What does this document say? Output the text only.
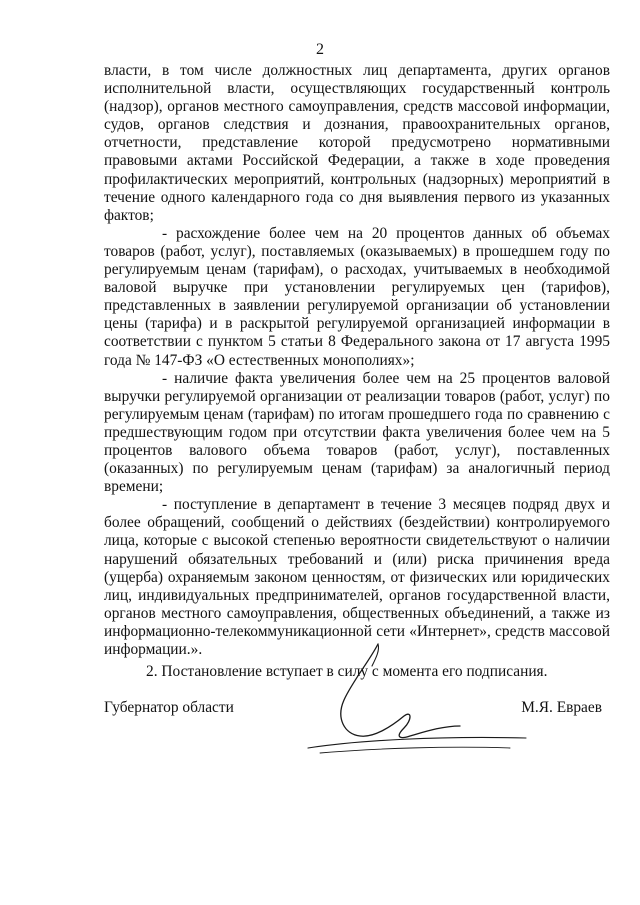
2

власти, в том числе должностных лиц департамента, других органов исполнительной власти, осуществляющих государственный контроль (надзор), органов местного самоуправления, средств массовой информации, судов, органов следствия и дознания, правоохранительных органов, отчетности, представление которой предусмотрено нормативными правовыми актами Российской Федерации, а также в ходе проведения профилактических мероприятий, контрольных (надзорных) мероприятий в течение одного календарного года со дня выявления первого из указанных фактов;

- расхождение более чем на 20 процентов данных об объемах товаров (работ, услуг), поставляемых (оказываемых) в прошедшем году по регулируемым ценам (тарифам), о расходах, учитываемых в необходимой валовой выручке при установлении регулируемых цен (тарифов), представленных в заявлении регулируемой организации об установлении цены (тарифа) и в раскрытой регулируемой организацией информации в соответствии с пунктом 5 статьи 8 Федерального закона от 17 августа 1995 года № 147-ФЗ «О естественных монополиях»;

- наличие факта увеличения более чем на 25 процентов валовой выручки регулируемой организации от реализации товаров (работ, услуг) по регулируемым ценам (тарифам) по итогам прошедшего года по сравнению с предшествующим годом при отсутствии факта увеличения более чем на 5 процентов валового объема товаров (работ, услуг), поставленных (оказанных) по регулируемым ценам (тарифам) за аналогичный период времени;

- поступление в департамент в течение 3 месяцев подряд двух и более обращений, сообщений о действиях (бездействии) контролируемого лица, которые с высокой степенью вероятности свидетельствуют о наличии нарушений обязательных требований и (или) риска причинения вреда (ущерба) охраняемым законом ценностям, от физических или юридических лиц, индивидуальных предпринимателей, органов государственной власти, органов местного самоуправления, общественных объединений, а также из информационно-телекоммуникационной сети «Интернет», средств массовой информации.».

2. Постановление вступает в силу с момента его подписания.

Губернатор области	М.Я. Евраев
